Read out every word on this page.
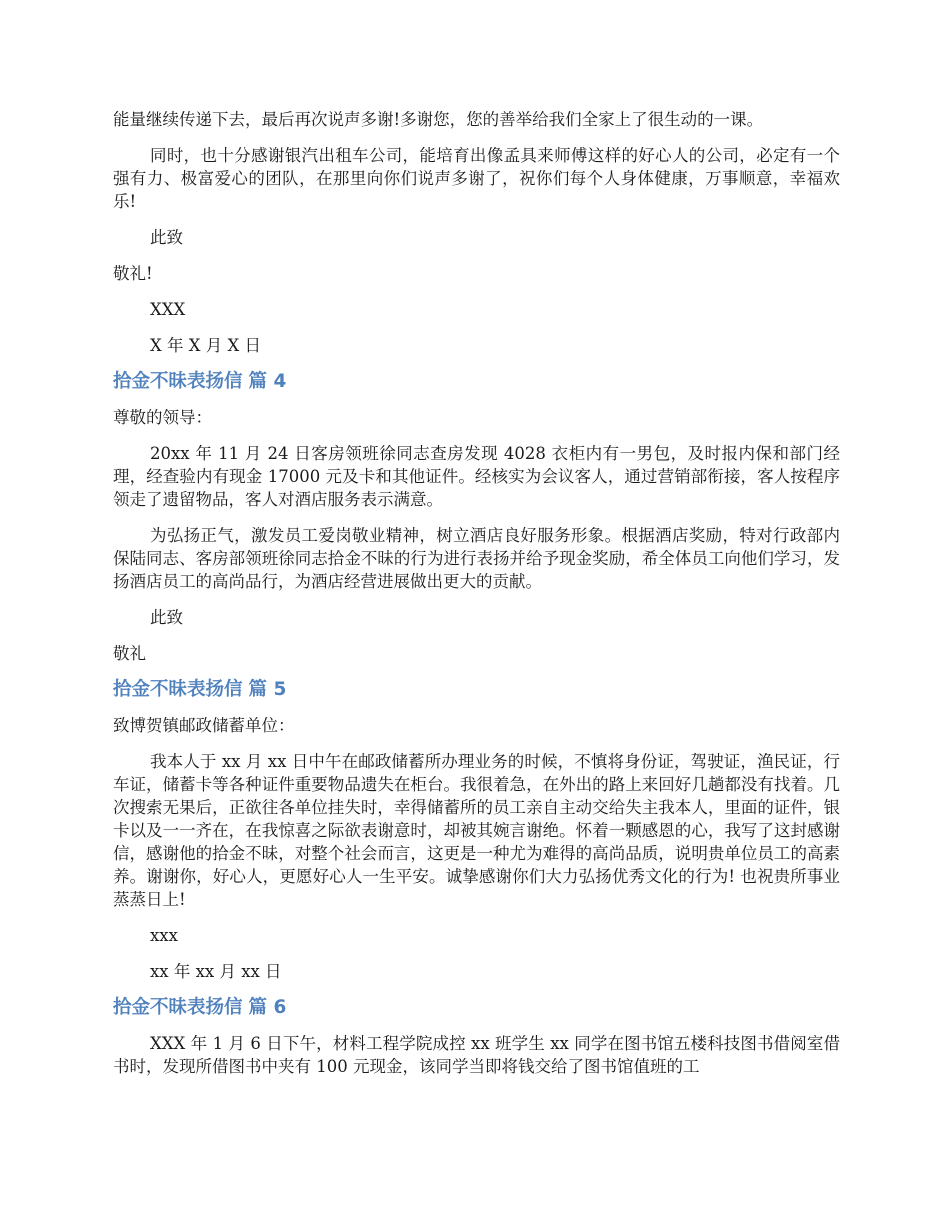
能量继续传递下去，最后再次说声多谢!多谢您，您的善举给我们全家上了很生动的一课。
同时，也十分感谢银汽出租车公司，能培育出像孟具来师傅这样的好心人的公司，必定有一个强有力、极富爱心的团队，在那里向你们说声多谢了，祝你们每个人身体健康，万事顺意，幸福欢乐!
此致
敬礼!
XXX
X 年 X 月 X 日
拾金不昧表扬信 篇 4
尊敬的领导：
20xx 年 11 月 24 日客房领班徐同志查房发现 4028 衣柜内有一男包，及时报内保和部门经理，经查验内有现金 17000 元及卡和其他证件。经核实为会议客人，通过营销部衔接，客人按程序领走了遗留物品，客人对酒店服务表示满意。
为弘扬正气，激发员工爱岗敬业精神，树立酒店良好服务形象。根据酒店奖励，特对行政部内保陆同志、客房部领班徐同志拾金不昧的行为进行表扬并给予现金奖励，希全体员工向他们学习，发扬酒店员工的高尚品行，为酒店经营进展做出更大的贡献。
此致
敬礼
拾金不昧表扬信 篇 5
致博贺镇邮政储蓄单位：
我本人于 xx 月 xx 日中午在邮政储蓄所办理业务的时候，不慎将身份证，驾驶证，渔民证，行车证，储蓄卡等各种证件重要物品遗失在柜台。我很着急，在外出的路上来回好几趟都没有找着。几次搜索无果后，正欲往各单位挂失时，幸得储蓄所的员工亲自主动交给失主我本人，里面的证件，银卡以及一一齐在，在我惊喜之际欲表谢意时，却被其婉言谢绝。怀着一颗感恩的心，我写了这封感谢信，感谢他的拾金不昧，对整个社会而言，这更是一种尤为难得的高尚品质，说明贵单位员工的高素养。谢谢你，好心人，更愿好心人一生平安。诚挚感谢你们大力弘扬优秀文化的行为! 也祝贵所事业蒸蒸日上!
xxx
xx 年 xx 月 xx 日
拾金不昧表扬信 篇 6
XXX 年 1 月 6 日下午，材料工程学院成控 xx 班学生 xx 同学在图书馆五楼科技图书借阅室借书时，发现所借图书中夹有 100 元现金，该同学当即将钱交给了图书馆值班的工
